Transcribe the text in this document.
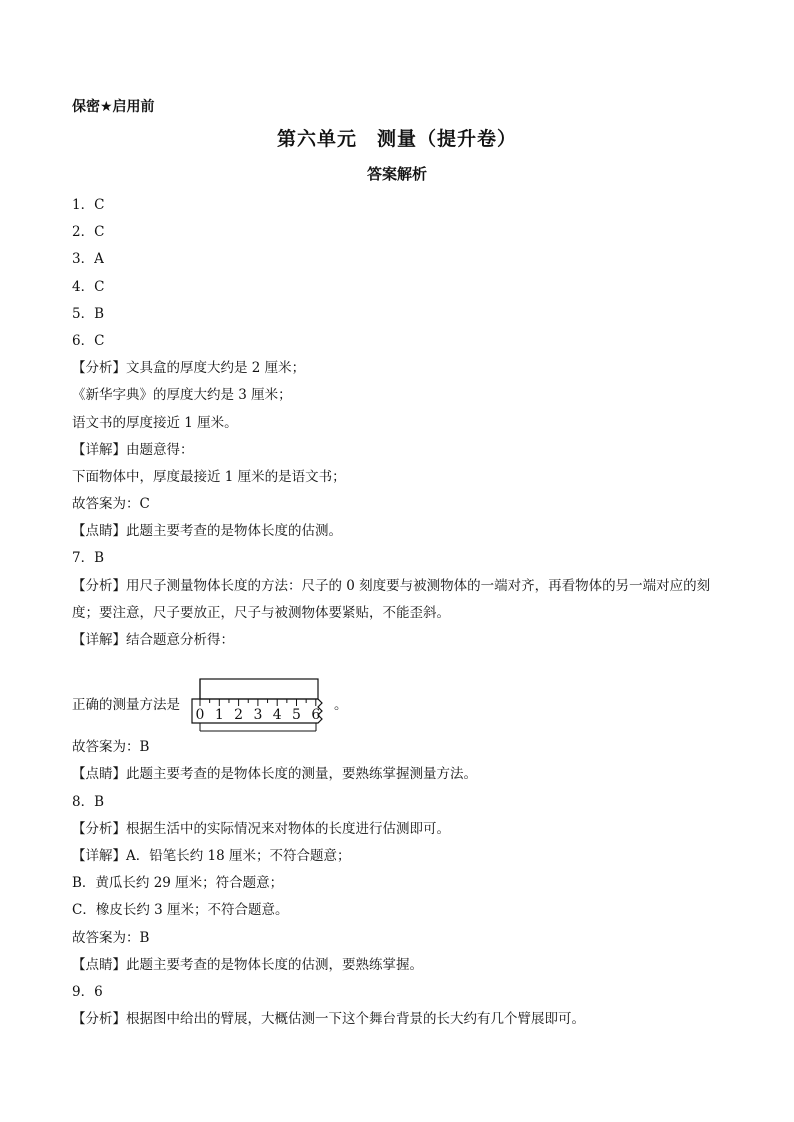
保密★启用前
第六单元　测量（提升卷）
答案解析
1．C
2．C
3．A
4．C
5．B
6．C
【分析】文具盒的厚度大约是 2 厘米；
《新华字典》的厚度大约是 3 厘米；
语文书的厚度接近 1 厘米。
【详解】由题意得：
下面物体中，厚度最接近 1 厘米的是语文书；
故答案为：C
【点睛】此题主要考查的是物体长度的估测。
7．B
【分析】用尺子测量物体长度的方法：尺子的 0 刻度要与被测物体的一端对齐，再看物体的另一端对应的刻度；要注意，尺子要放正，尺子与被测物体要紧贴，不能歪斜。
【详解】结合题意分析得：
正确的测量方法是
0 1 2 3 4 5 6
。
故答案为：B
【点睛】此题主要考查的是物体长度的测量，要熟练掌握测量方法。
8．B
【分析】根据生活中的实际情况来对物体的长度进行估测即可。
【详解】A．铅笔长约 18 厘米；不符合题意；
B．黄瓜长约 29 厘米；符合题意；
C．橡皮长约 3 厘米；不符合题意。
故答案为：B
【点睛】此题主要考查的是物体长度的估测，要熟练掌握。
9．6
【分析】根据图中给出的臂展，大概估测一下这个舞台背景的长大约有几个臂展即可。
